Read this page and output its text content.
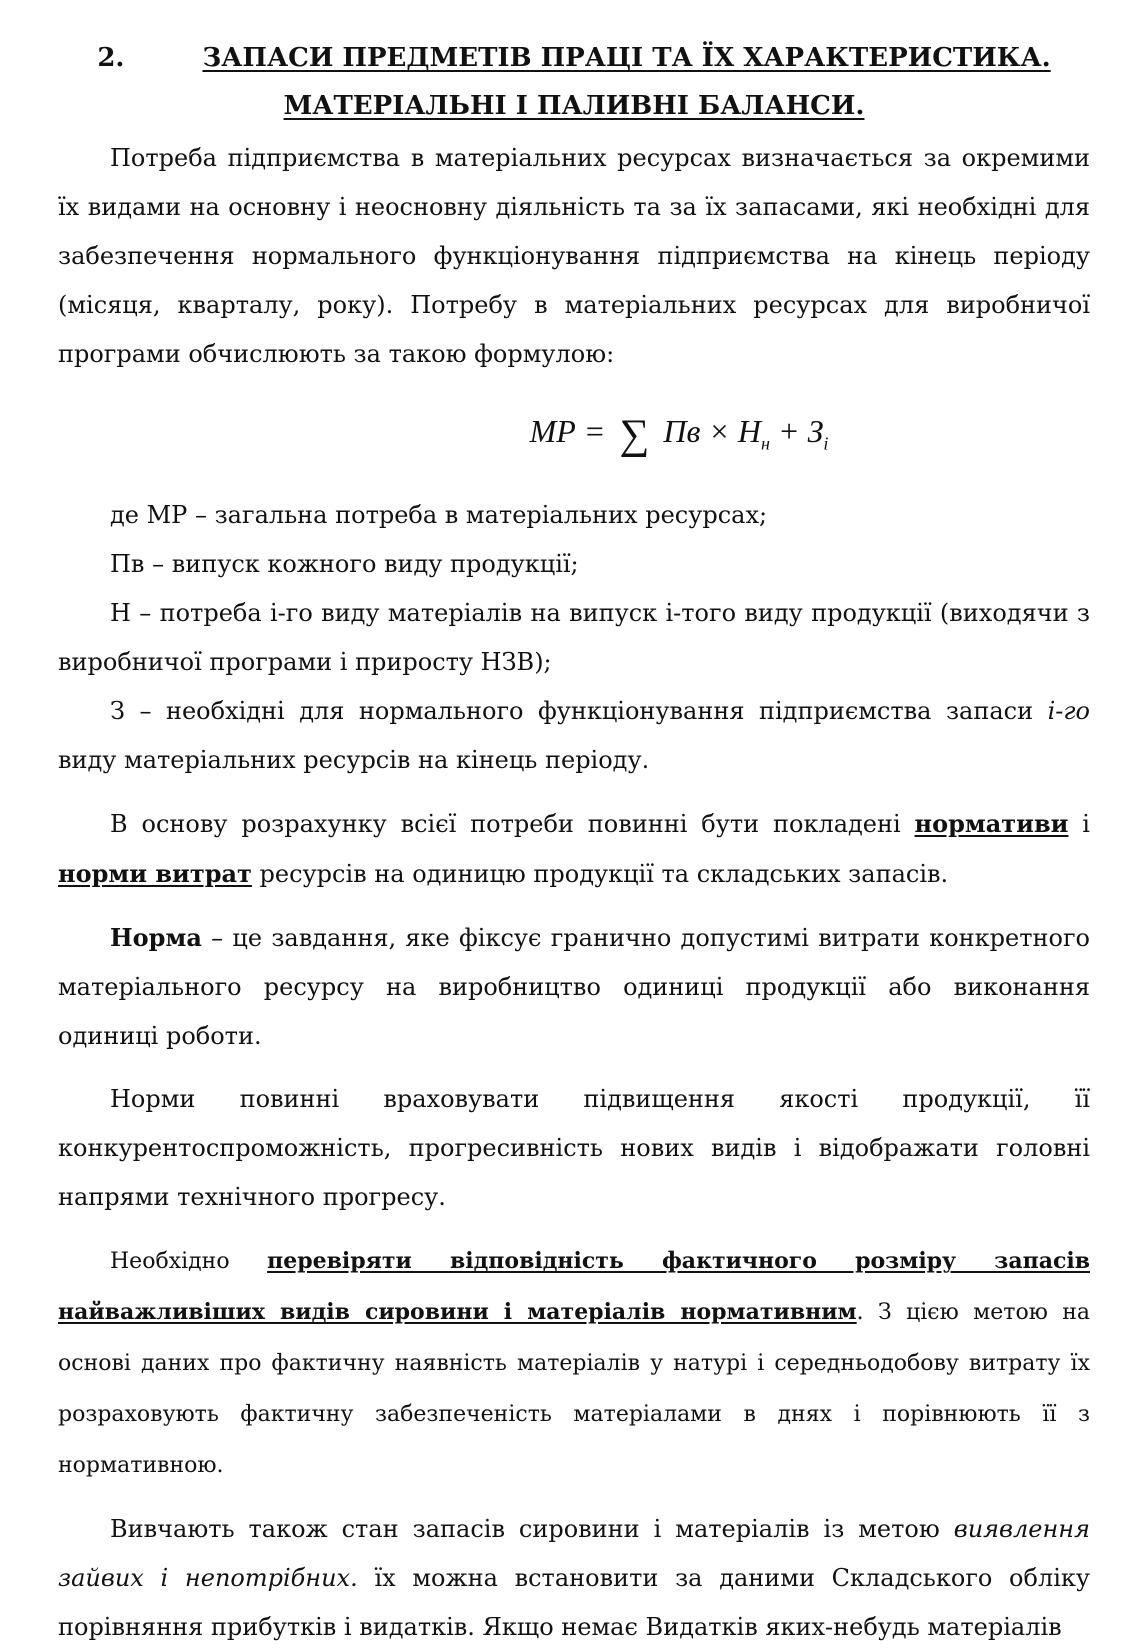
2.	ЗАПАСИ ПРЕДМЕТІВ ПРАЦІ ТА ЇХ ХАРАКТЕРИСТИКА.
МАТЕРІАЛЬНІ І ПАЛИВНІ БАЛАНСИ.

Потреба підприємства в матеріальних ресурсах визначається за окремими їх видами на основну і неосновну діяльність та за їх запасами, які необхідні для забезпечення нормального функціонування підприємства на кінець періоду (місяця, кварталу, року). Потребу в матеріальних ресурсах для виробничої програми обчислюють за такою формулою:

МР = ∑ Пв × $Н_н + З_і$

де МР – загальна потреба в матеріальних ресурсах;

Пв – випуск кожного виду продукції;

Н – потреба і-го виду матеріалів на випуск і-того виду продукції (виходячи з виробничої програми і приросту НЗВ);

З – необхідні для нормального функціонування підприємства запаси і-го виду матеріальних ресурсів на кінець періоду.

В основу розрахунку всієї потреби повинні бути покладені нормативи і норми витрат ресурсів на одиницю продукції та складських запасів.

Норма – це завдання, яке фіксує гранично допустимі витрати конкретного матеріального ресурсу на виробництво одиниці продукції або виконання одиниці роботи.

Норми повинні враховувати підвищення якості продукції, її конкурентоспроможність, прогресивність нових видів і відображати головні напрями технічного прогресу.

Необхідно перевіряти відповідність фактичного розміру запасів найважливіших видів сировини і матеріалів нормативним. З цією метою на основі даних про фактичну наявність матеріалів у натурі і середньодобову витрату їх розраховують фактичну забезпеченість матеріалами в днях і порівнюють її з нормативною.

Вивчають також стан запасів сировини і матеріалів із метою виявлення зайвих і непотрібних. їх можна встановити за даними Складського обліку порівняння прибутків і видатків. Якщо немає Видатків яких-небудь матеріалів
